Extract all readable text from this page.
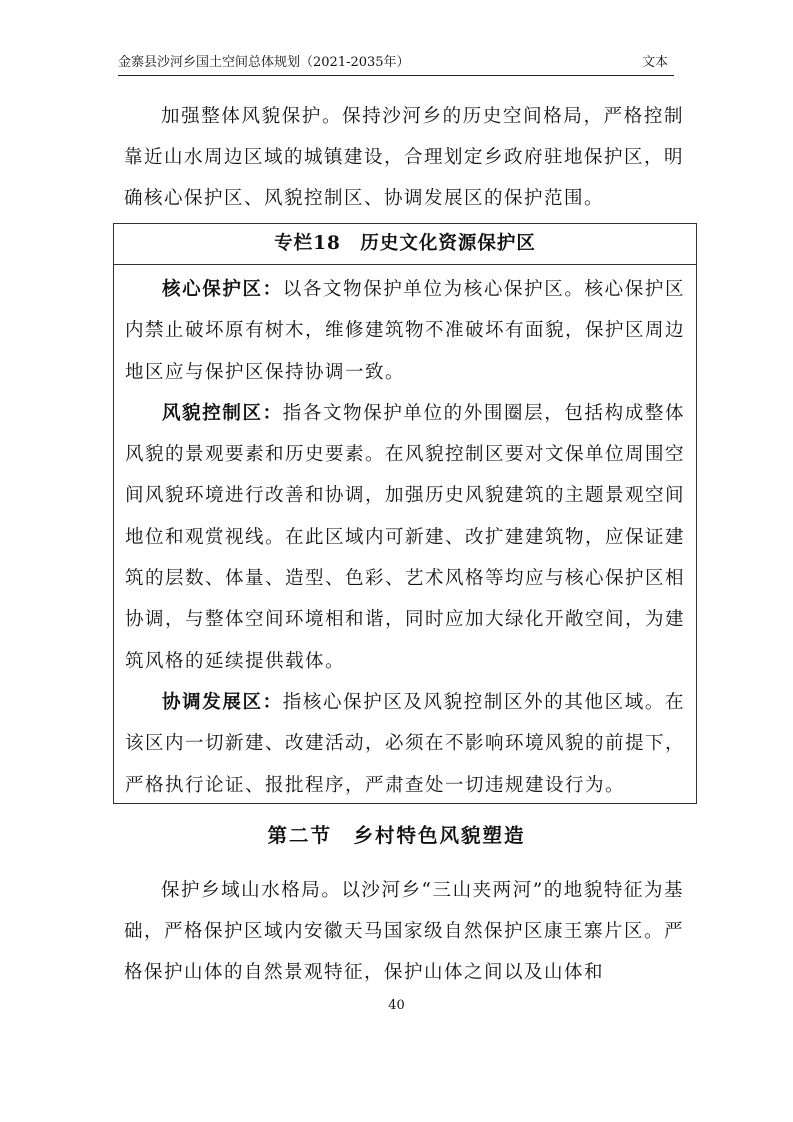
金寨县沙河乡国土空间总体规划（2021-2035年）	文本

加强整体风貌保护。保持沙河乡的历史空间格局，严格控制靠近山水周边区域的城镇建设，合理划定乡政府驻地保护区，明确核心保护区、风貌控制区、协调发展区的保护范围。

专栏18　历史文化资源保护区

核心保护区：以各文物保护单位为核心保护区。核心保护区内禁止破坏原有树木，维修建筑物不准破坏有面貌，保护区周边地区应与保护区保持协调一致。

风貌控制区：指各文物保护单位的外围圈层，包括构成整体风貌的景观要素和历史要素。在风貌控制区要对文保单位周围空间风貌环境进行改善和协调，加强历史风貌建筑的主题景观空间地位和观赏视线。在此区域内可新建、改扩建建筑物，应保证建筑的层数、体量、造型、色彩、艺术风格等均应与核心保护区相协调，与整体空间环境相和谐，同时应加大绿化开敞空间，为建筑风格的延续提供载体。

协调发展区：指核心保护区及风貌控制区外的其他区域。在该区内一切新建、改建活动，必须在不影响环境风貌的前提下，严格执行论证、报批程序，严肃查处一切违规建设行为。

第二节　乡村特色风貌塑造

保护乡域山水格局。以沙河乡“三山夹两河”的地貌特征为基础，严格保护区域内安徽天马国家级自然保护区康王寨片区。严格保护山体的自然景观特征，保护山体之间以及山体和

40
